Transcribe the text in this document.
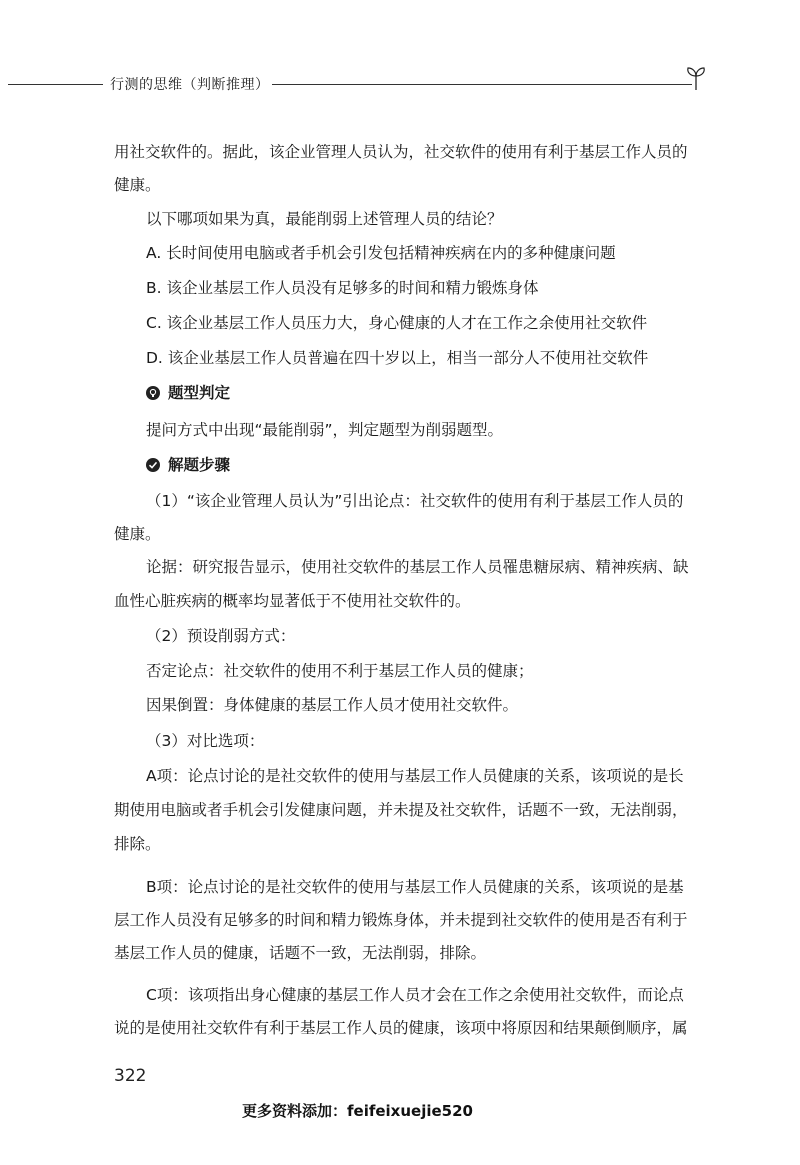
行测的思维（判断推理）
用社交软件的。据此，该企业管理人员认为，社交软件的使用有利于基层工作人员的
健康。
以下哪项如果为真，最能削弱上述管理人员的结论？
A. 长时间使用电脑或者手机会引发包括精神疾病在内的多种健康问题
B. 该企业基层工作人员没有足够多的时间和精力锻炼身体
C. 该企业基层工作人员压力大，身心健康的人才在工作之余使用社交软件
D. 该企业基层工作人员普遍在四十岁以上，相当一部分人不使用社交软件
题型判定
提问方式中出现“最能削弱”，判定题型为削弱题型。
解题步骤
（1）“该企业管理人员认为”引出论点：社交软件的使用有利于基层工作人员的
健康。
论据：研究报告显示，使用社交软件的基层工作人员罹患糖尿病、精神疾病、缺
血性心脏疾病的概率均显著低于不使用社交软件的。
（2）预设削弱方式：
否定论点：社交软件的使用不利于基层工作人员的健康；
因果倒置：身体健康的基层工作人员才使用社交软件。
（3）对比选项：
A项：论点讨论的是社交软件的使用与基层工作人员健康的关系，该项说的是长
期使用电脑或者手机会引发健康问题，并未提及社交软件，话题不一致，无法削弱，
排除。
B项：论点讨论的是社交软件的使用与基层工作人员健康的关系，该项说的是基
层工作人员没有足够多的时间和精力锻炼身体，并未提到社交软件的使用是否有利于
基层工作人员的健康，话题不一致，无法削弱，排除。
C项：该项指出身心健康的基层工作人员才会在工作之余使用社交软件，而论点
说的是使用社交软件有利于基层工作人员的健康，该项中将原因和结果颠倒顺序，属
322
更多资料添加：feifeixuejie520
